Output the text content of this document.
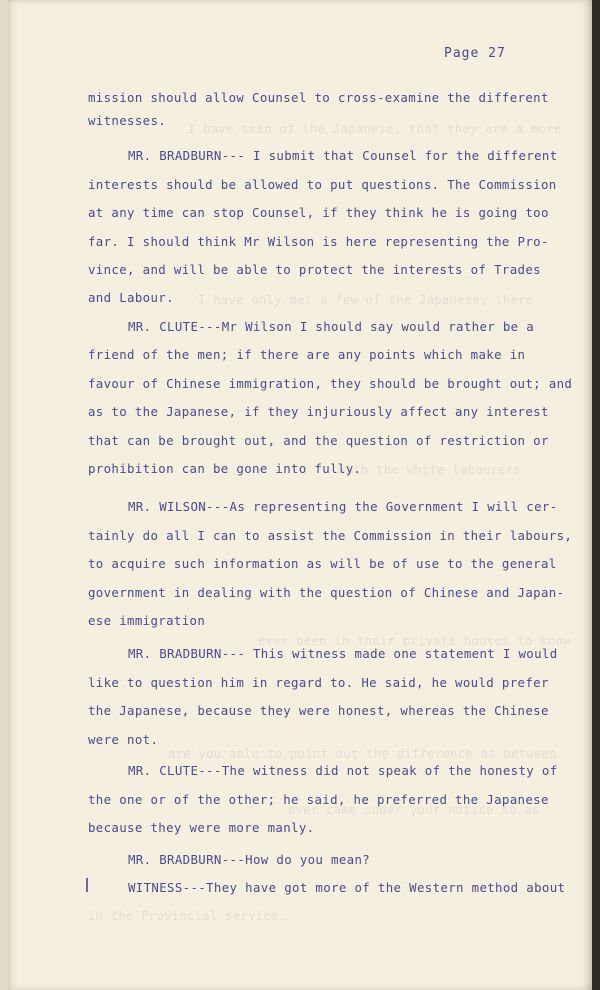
I have seen of the Japanese, that they are a more
I have only met a few of the Japanese; there
with the white labourers
ever been in their private houses to know
are you able to point out the difference as between
ever came under your notice so as
in the Provincial service.
Page 27
mission should allow Counsel to cross-examine the different
witnesses.
MR. BRADBURN--- I submit that Counsel for the different
interests should be allowed to put questions. The Commission
at any time can stop Counsel, if they think he is going too
far. I should think Mr Wilson is here representing the Pro-
vince, and will be able to protect the interests of Trades
and Labour.
MR. CLUTE---Mr Wilson I should say would rather be a
friend of the men; if there are any points which make in
favour of Chinese immigration, they should be brought out; and
as to the Japanese, if they injuriously affect any interest
that can be brought out, and the question of restriction or
prohibition can be gone into fully.
MR. WILSON---As representing the Government I will cer-
tainly do all I can to assist the Commission in their labours,
to acquire such information as will be of use to the general
government in dealing with the question of Chinese and Japan-
ese immigration
MR. BRADBURN--- This witness made one statement I would
like to question him in regard to. He said, he would prefer
the Japanese, because they were honest, whereas the Chinese
were not.
MR. CLUTE---The witness did not speak of the honesty of
the one or of the other; he said, he preferred the Japanese
because they were more manly.
MR. BRADBURN---How do you mean?
WITNESS---They have got more of the Western method about
